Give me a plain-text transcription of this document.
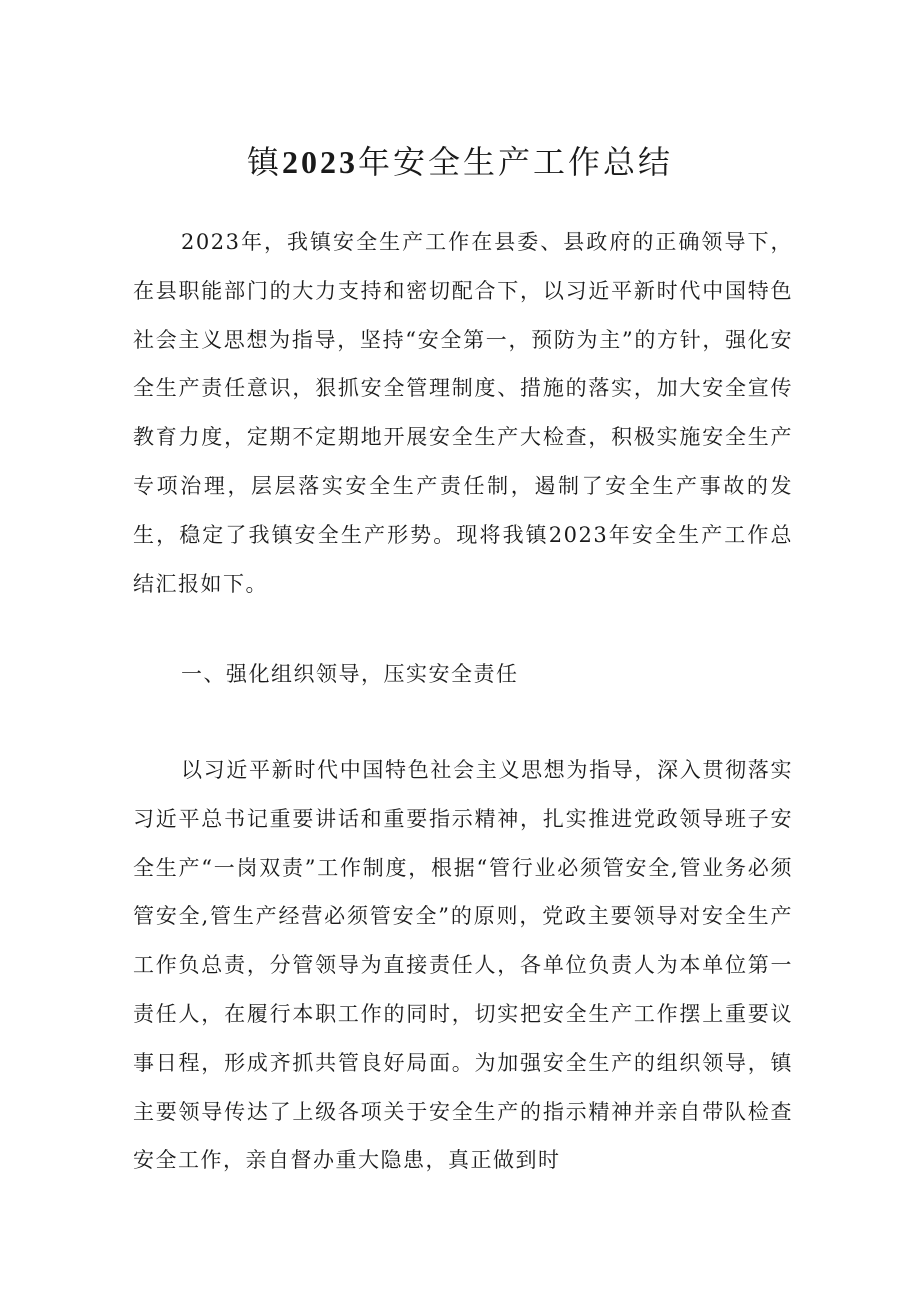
镇2023年安全生产工作总结

2023年，我镇安全生产工作在县委、县政府的正确领导下，在县职能部门的大力支持和密切配合下，以习近平新时代中国特色社会主义思想为指导，坚持“安全第一，预防为主”的方针，强化安全生产责任意识，狠抓安全管理制度、措施的落实，加大安全宣传教育力度，定期不定期地开展安全生产大检查，积极实施安全生产专项治理，层层落实安全生产责任制，遏制了安全生产事故的发生，稳定了我镇安全生产形势。现将我镇2023年安全生产工作总结汇报如下。

一、强化组织领导，压实安全责任

以习近平新时代中国特色社会主义思想为指导，深入贯彻落实习近平总书记重要讲话和重要指示精神，扎实推进党政领导班子安全生产“一岗双责”工作制度，根据“管行业必须管安全,管业务必须管安全,管生产经营必须管安全”的原则，党政主要领导对安全生产工作负总责，分管领导为直接责任人，各单位负责人为本单位第一责任人，在履行本职工作的同时，切实把安全生产工作摆上重要议事日程，形成齐抓共管良好局面。为加强安全生产的组织领导，镇主要领导传达了上级各项关于安全生产的指示精神并亲自带队检查安全工作，亲自督办重大隐患，真正做到时
